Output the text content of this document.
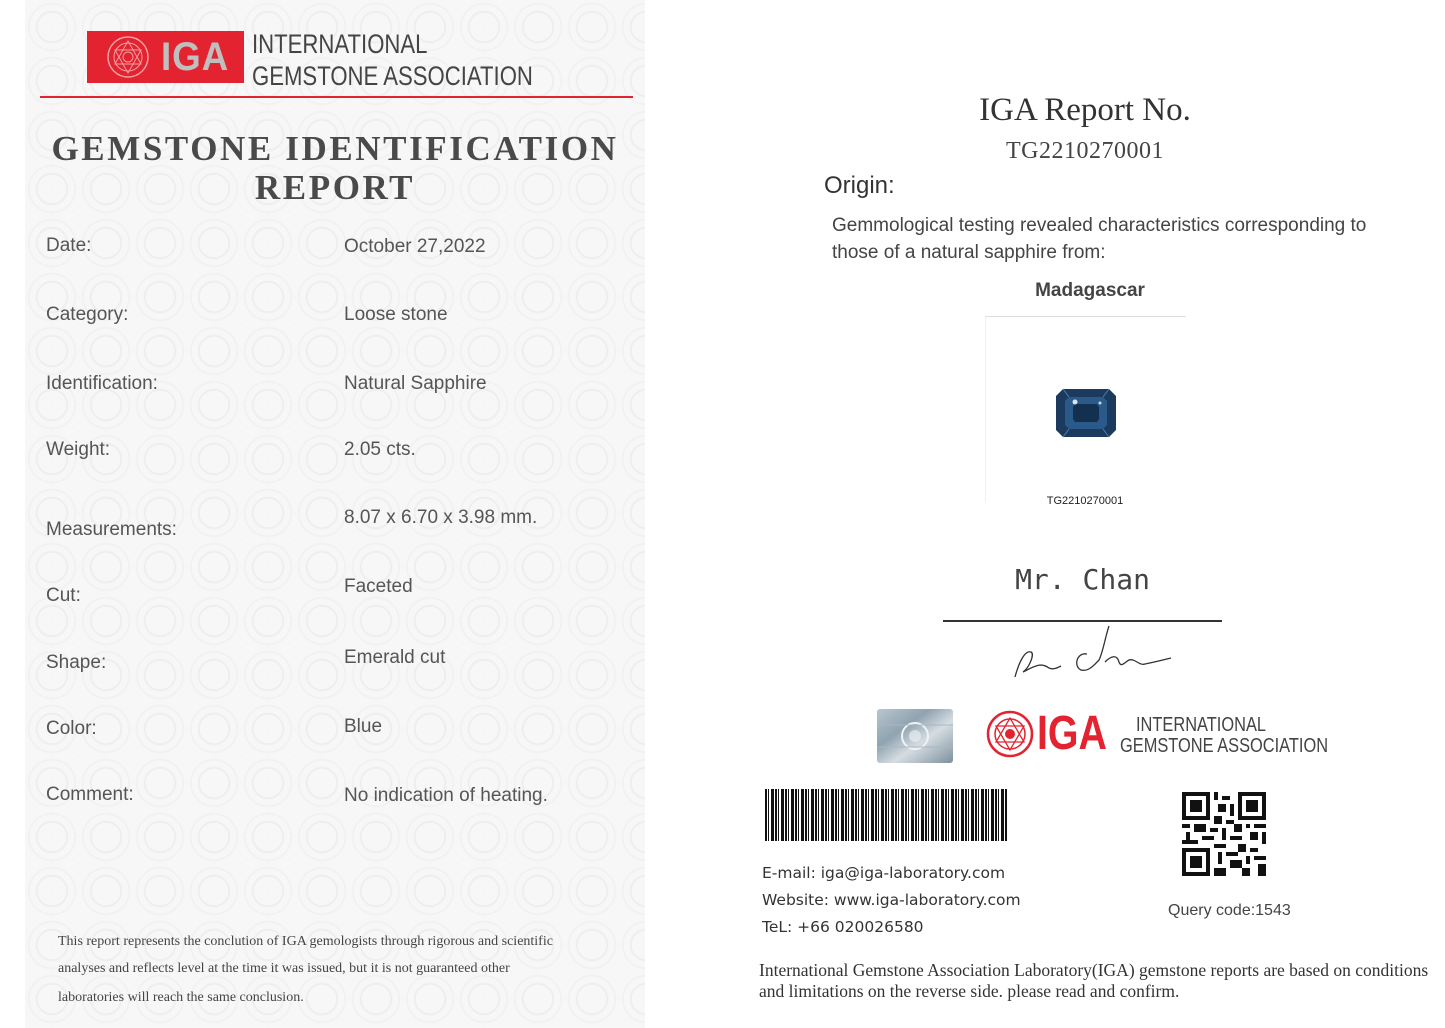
IGA INTERNATIONAL
GEMSTONE ASSOCIATION
GEMSTONE IDENTIFICATION
REPORT
Date:	October 27,2022
Category:	Loose stone
Identification:	Natural Sapphire
Weight:	2.05 cts.
Measurements:
8.07 x 6.70 x 3.98 mm.
Cut:	Faceted
Shape:	Emerald cut
Color:	Blue
Comment:	No indication of heating.
This report represents the conclution of IGA gemologists through rigorous and scientific
analyses and reflects level at the time it was issued, but it is not guaranteed other
laboratories will reach the same conclusion.
IGA Report No.
TG2210270001
Origin:
Gemmological testing revealed characteristics corresponding to those of a natural sapphire from:
Madagascar
TG2210270001
Mr. Chan
IGA INTERNATIONAL
GEMSTONE ASSOCIATION
E-mail: iga@iga-laboratory.com
Website: www.iga-laboratory.com
TeL: +66 020026580
Query code:1543
International Gemstone Association Laboratory(IGA) gemstone reports are based on conditions and limitations on the reverse side. please read and confirm.
